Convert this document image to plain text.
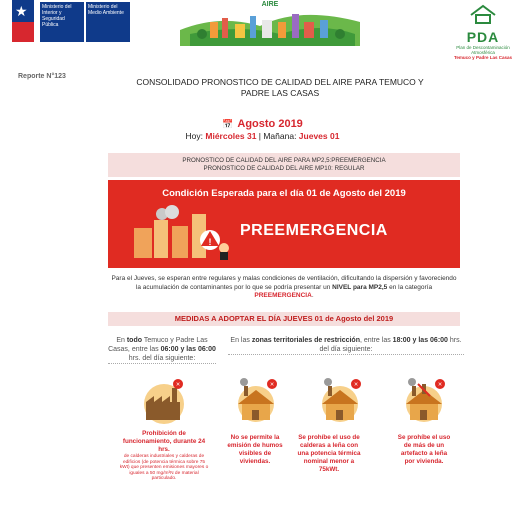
★	Ministerio del Interior y Seguridad Pública
Ministerio del Medio Ambiente
AIRE
PDA
Plan de Descontaminación Atmosférica
Temuco y Padre Las Casas
Reporte N°123
CONSOLIDADO PRONOSTICO DE CALIDAD DEL AIRE PARA TEMUCO Y
PADRE LAS CASAS
📅 Agosto 2019
Hoy: Miércoles 31 | Mañana: Jueves 01
PRONOSTICO DE CALIDAD DEL AIRE PARA MP2,5:PREEMERGENCIA
PRONOSTICO DE CALIDAD DEL AIRE MP10: REGULAR
Condición Esperada para el día 01 de Agosto del 2019
!
PREEMERGENCIA
Para el Jueves, se esperan entre regulares y malas condiciones de ventilación, dificultando la dispersión y favoreciendo la acumulación de contaminantes por lo que se podría presentar un NIVEL para MP2,5 en la categoría PREEMERGENCIA.
MEDIDAS A ADOPTAR EL DÍA JUEVES 01 de Agosto del 2019
En todo Temuco y Padre Las Casas, entre las 06:00 y las 06:00 hrs. del día siguiente:
En las zonas territoriales de restricción, entre las 18:00 y las 06:00 hrs. del día siguiente:
×	×	×	×
Prohibición de funcionamiento, durante 24 hrs.
de calderas industriales y calderas de edificios (de potencia térmica sobre 75 kWt) que presenten emisiones mayores o iguales a 50 mg/m³N de material particulado.
No se permite la emisión de humos visibles de viviendas.
Se prohíbe el uso de calderas a leña con una potencia térmica nominal menor a 75kWt.
Se prohíbe el uso de más de un artefacto a leña por vivienda.
